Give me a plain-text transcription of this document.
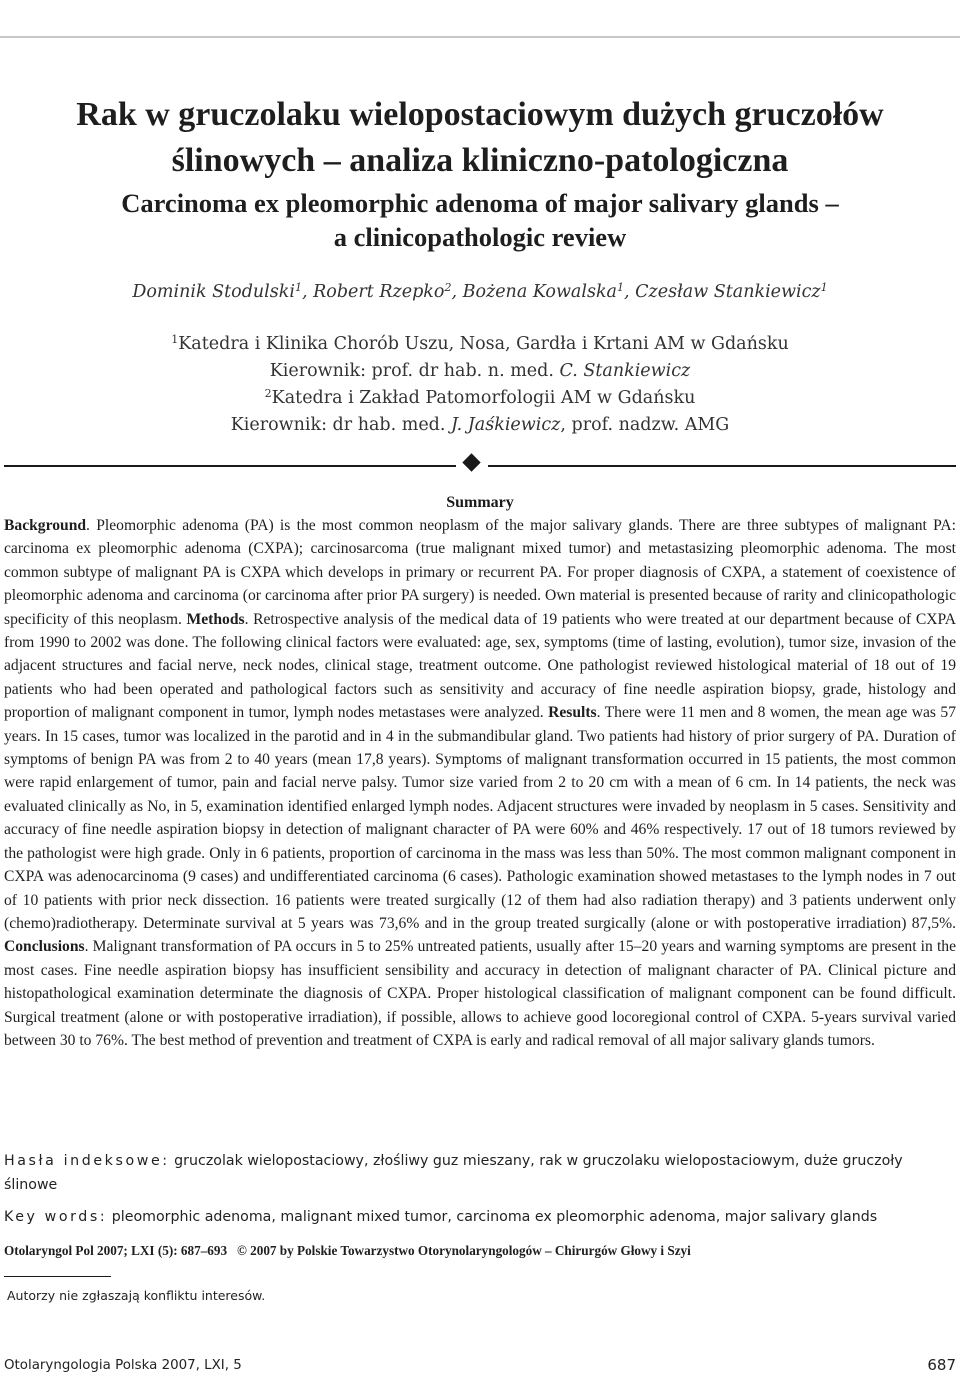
Rak w gruczolaku wielopostaciowym dużych gruczołów
ślinowych – analiza kliniczno-patologiczna
Carcinoma ex pleomorphic adenoma of major salivary glands –
a clinicopathologic review
Dominik Stodulski$^1$, Robert Rzepko$^2$, Bożena Kowalska$^1$, Czesław Stankiewicz$^1$
$^1$Katedra i Klinika Chorób Uszu, Nosa, Gardła i Krtani AM w Gdańsku
Kierownik: prof. dr hab. n. med. C. Stankiewicz
$^2$Katedra i Zakład Patomorfologii AM w Gdańsku
Kierownik: dr hab. med. J. Jaśkiewicz, prof. nadzw. AMG
Summary

Background. Pleomorphic adenoma (PA) is the most common neoplasm of the major salivary glands. There are three subtypes of malignant PA: carcinoma ex pleomorphic adenoma (CXPA); carcinosarcoma (true malignant mixed tumor) and metastasizing pleomorphic adenoma. The most common subtype of malignant PA is CXPA which develops in primary or recurrent PA. For proper diagnosis of CXPA, a statement of coexistence of pleomorphic adenoma and carcinoma (or carcinoma after prior PA surgery) is needed. Own material is presented because of rarity and clinicopathologic specificity of this neoplasm. Methods. Retrospective analysis of the medical data of 19 patients who were treated at our department because of CXPA from 1990 to 2002 was done. The following clinical factors were evaluated: age, sex, symptoms (time of lasting, evolution), tumor size, invasion of the adjacent structures and facial nerve, neck nodes, clinical stage, treatment outcome. One pathologist reviewed histological material of 18 out of 19 patients who had been operated and pathological factors such as sensitivity and accuracy of fine needle aspiration biopsy, grade, histology and proportion of malignant component in tumor, lymph nodes metastases were analyzed. Results. There were 11 men and 8 women, the mean age was 57 years. In 15 cases, tumor was localized in the parotid and in 4 in the submandibular gland. Two patients had history of prior surgery of PA. Duration of symptoms of benign PA was from 2 to 40 years (mean 17,8 years). Symptoms of malignant transformation occurred in 15 patients, the most common were rapid enlargement of tumor, pain and facial nerve palsy. Tumor size varied from 2 to 20 cm with a mean of 6 cm. In 14 patients, the neck was evaluated clinically as No, in 5, examination identified enlarged lymph nodes. Adjacent structures were invaded by neoplasm in 5 cases. Sensitivity and accuracy of fine needle aspiration biopsy in detection of malignant character of PA were 60% and 46% respectively. 17 out of 18 tumors reviewed by the pathologist were high grade. Only in 6 patients, proportion of carcinoma in the mass was less than 50%. The most common malignant component in CXPA was adenocarcinoma (9 cases) and undifferentiated carcinoma (6 cases). Pathologic examination showed metastases to the lymph nodes in 7 out of 10 patients with prior neck dissection. 16 patients were treated surgically (12 of them had also radiation therapy) and 3 patients underwent only (chemo)radiotherapy. Determinate survival at 5 years was 73,6% and in the group treated surgically (alone or with postoperative irradiation) 87,5%. Conclusions. Malignant transformation of PA occurs in 5 to 25% untreated patients, usually after 15–20 years and warning symptoms are present in the most cases. Fine needle aspiration biopsy has insufficient sensibility and accuracy in detection of malignant character of PA. Clinical picture and histopathological examination determinate the diagnosis of CXPA. Proper histological classification of malignant component can be found difficult. Surgical treatment (alone or with postoperative irradiation), if possible, allows to achieve good locoregional control of CXPA. 5-years survival varied between 30 to 76%. The best method of prevention and treatment of CXPA is early and radical removal of all major salivary glands tumors.

Hasła indeksowe: gruczolak wielopostaciowy, złośliwy guz mieszany, rak w gruczolaku wielopostaciowym, duże gruczoły ślinowe
Key words: pleomorphic adenoma, malignant mixed tumor, carcinoma ex pleomorphic adenoma, major salivary glands
Otolaryngol Pol 2007; LXI (5): 687–693 © 2007 by Polskie Towarzystwo Otorynolaryngologów – Chirurgów Głowy i Szyi
Autorzy nie zgłaszają konfliktu interesów.
Otolaryngologia Polska 2007, LXI, 5	687
